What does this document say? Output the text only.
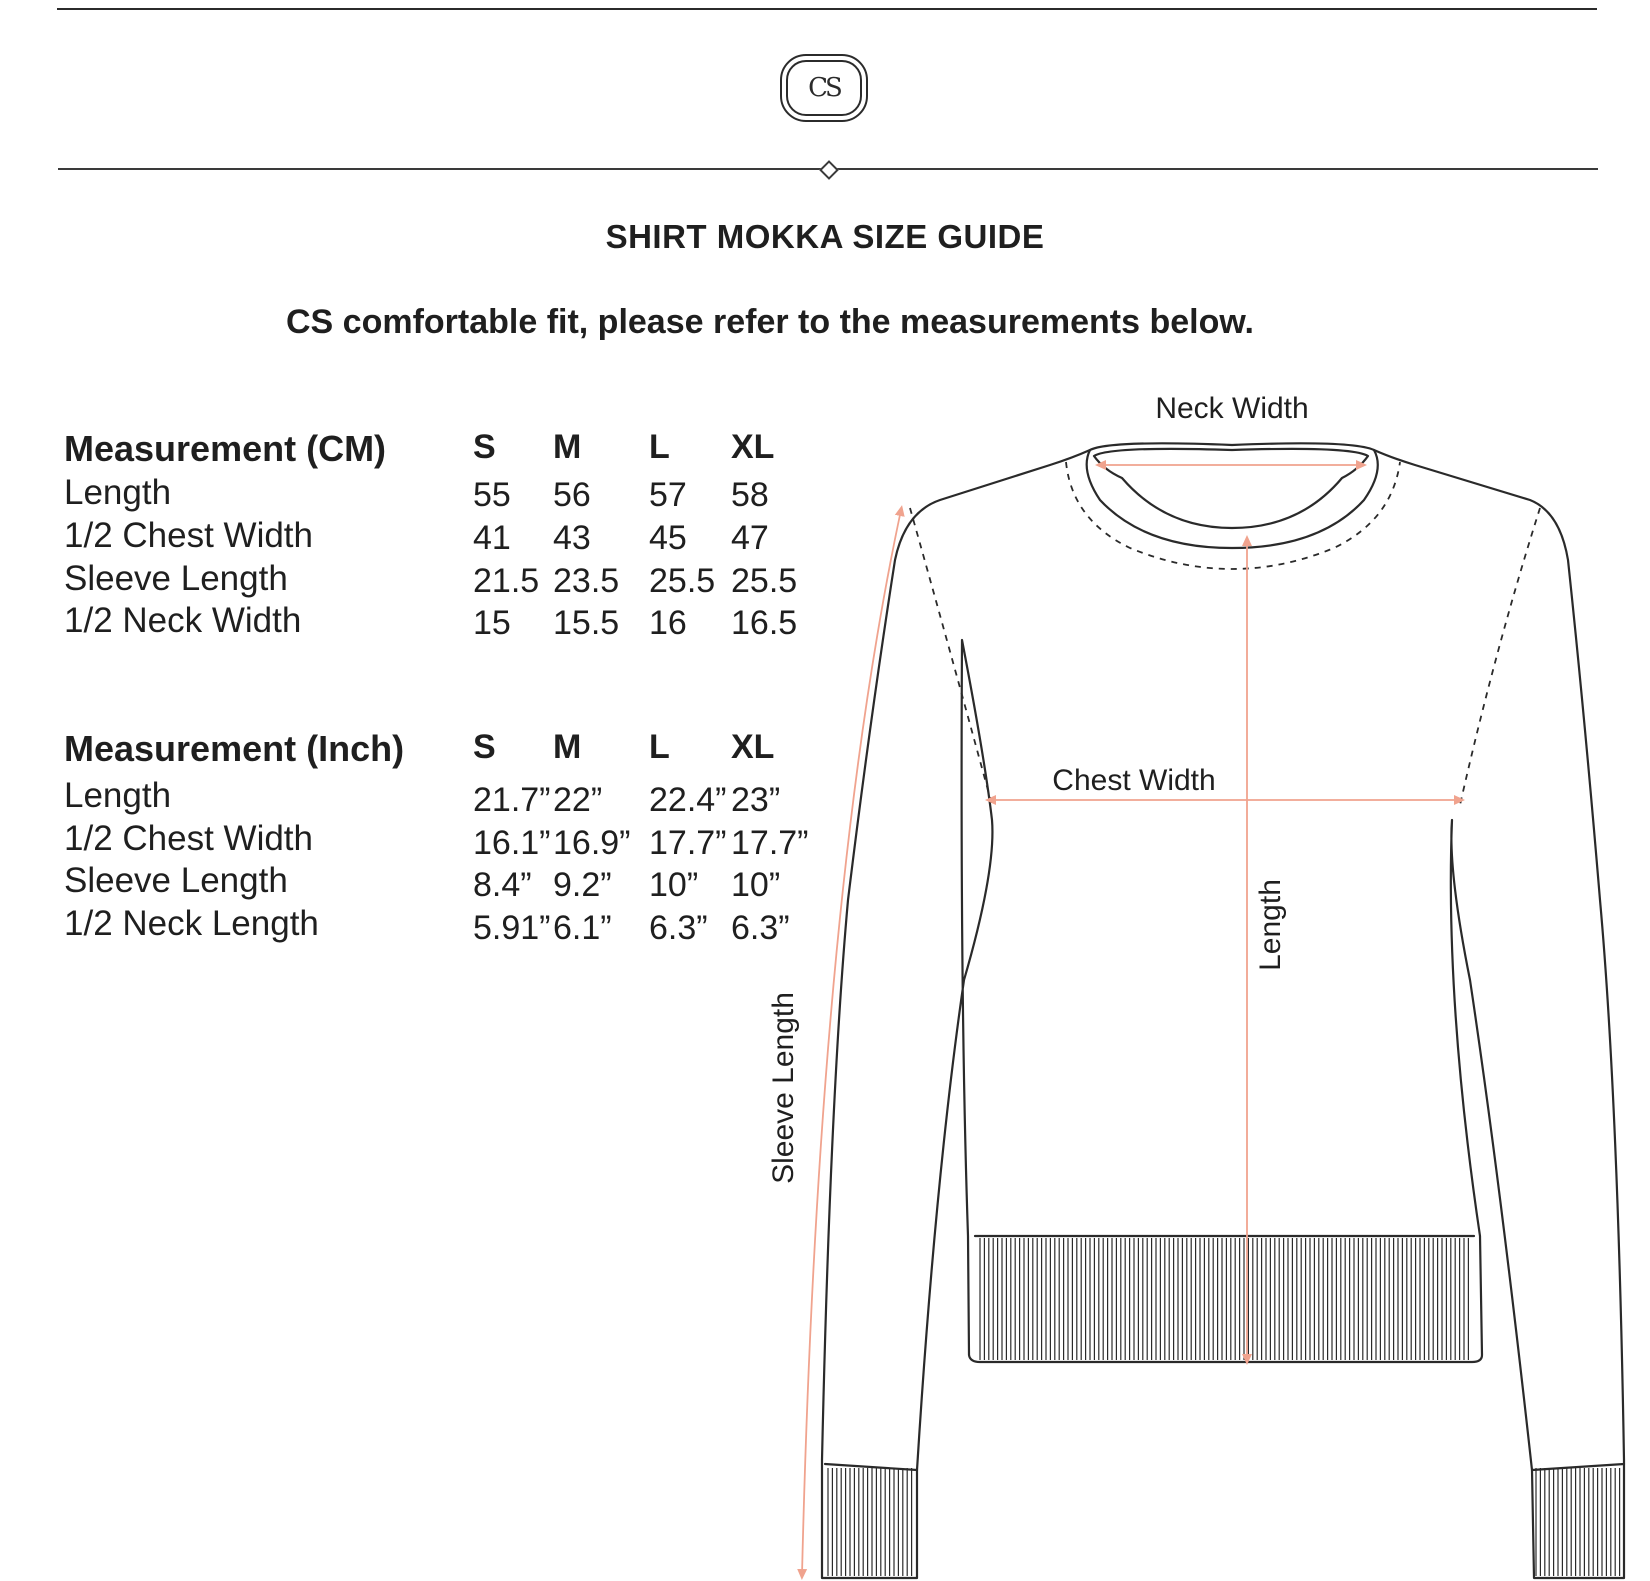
CS
SHIRT MOKKA SIZE GUIDE
CS comfortable fit, please refer to the measurements below.
Measurement (CM)	S M L XL
Length	55 56 57 58
1/2 Chest Width	41 43 45 47
Sleeve Length	21.5 23.5 25.5 25.5
1/2 Neck Width	15 15.5 16 16.5
Measurement (Inch) S M L XL
Length	21.7” 22” 22.4” 23”
1/2 Chest Width	16.1” 16.9” 17.7” 17.7”
Sleeve Length	8.4” 9.2” 10” 10”
1/2 Neck Length	5.91” 6.1” 6.3” 6.3”
Neck Width
Chest Width
Length
Sleeve Length
